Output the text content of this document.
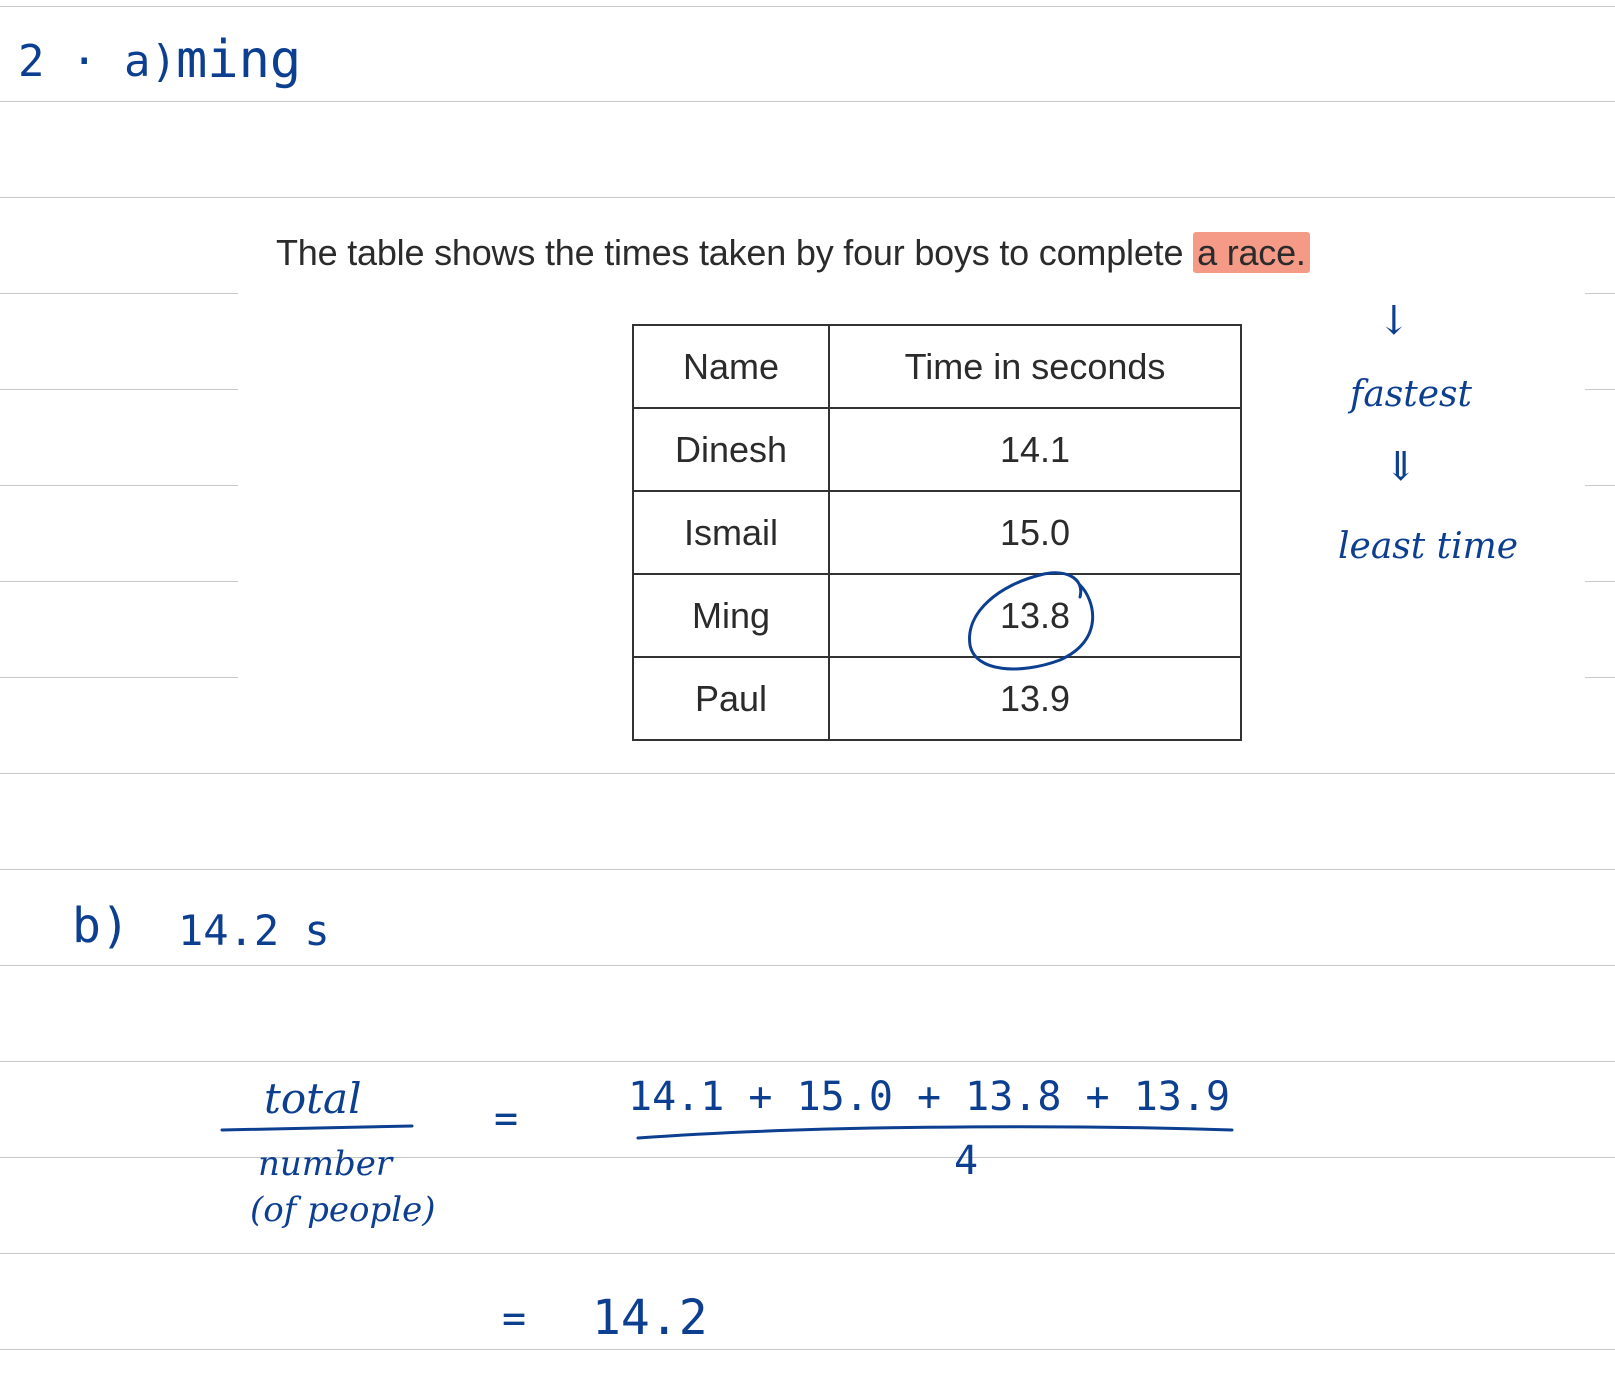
2 · a) ming
The table shows the times taken by four boys to complete a race.
Name	Time in seconds
Dinesh	14.1
Ismail	15.0
Ming	13.8
Paul	13.9
↓
fastest
⇓
least time
b) 14.2 s
total
number
(of people)
=	14.1 + 15.0 + 13.8 + 13.9
4
= 14.2
